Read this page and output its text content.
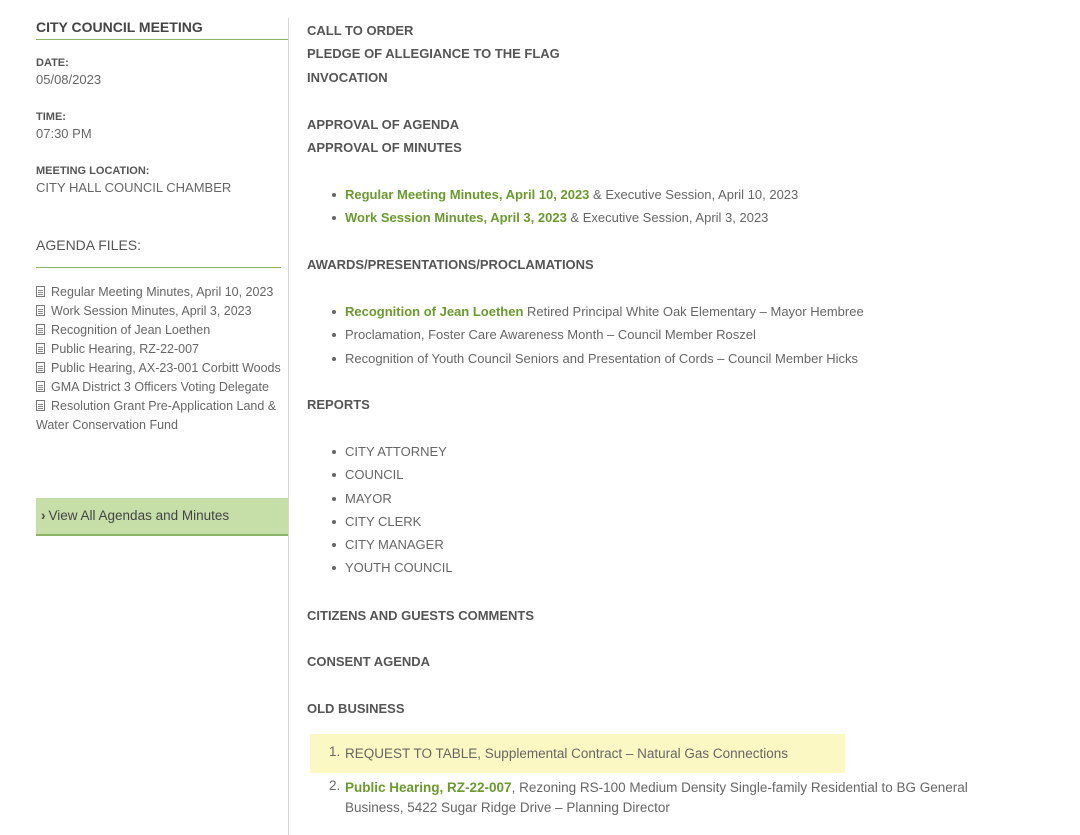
CITY COUNCIL MEETING
DATE:
05/08/2023
TIME:
07:30 PM
MEETING LOCATION:
CITY HALL COUNCIL CHAMBER
AGENDA FILES:
Regular Meeting Minutes, April 10, 2023
Work Session Minutes, April 3, 2023
Recognition of Jean Loethen
Public Hearing, RZ-22-007
Public Hearing, AX-23-001 Corbitt Woods
GMA District 3 Officers Voting Delegate
Resolution Grant Pre-Application Land &
Water Conservation Fund
› View All Agendas and Minutes
CALL TO ORDER
PLEDGE OF ALLEGIANCE TO THE FLAG
INVOCATION
APPROVAL OF AGENDA
APPROVAL OF MINUTES
Regular Meeting Minutes, April 10, 2023 & Executive Session, April 10, 2023
Work Session Minutes, April 3, 2023 & Executive Session, April 3, 2023
AWARDS/PRESENTATIONS/PROCLAMATIONS
Recognition of Jean Loethen Retired Principal White Oak Elementary – Mayor Hembree
Proclamation, Foster Care Awareness Month – Council Member Roszel
Recognition of Youth Council Seniors and Presentation of Cords – Council Member Hicks
REPORTS
CITY ATTORNEY
COUNCIL
MAYOR
CITY CLERK
CITY MANAGER
YOUTH COUNCIL
CITIZENS AND GUESTS COMMENTS
CONSENT AGENDA
OLD BUSINESS
1. REQUEST TO TABLE, Supplemental Contract – Natural Gas Connections
2. Public Hearing, RZ-22-007, Rezoning RS-100 Medium Density Single-family Residential to BG General
Business, 5422 Sugar Ridge Drive – Planning Director
